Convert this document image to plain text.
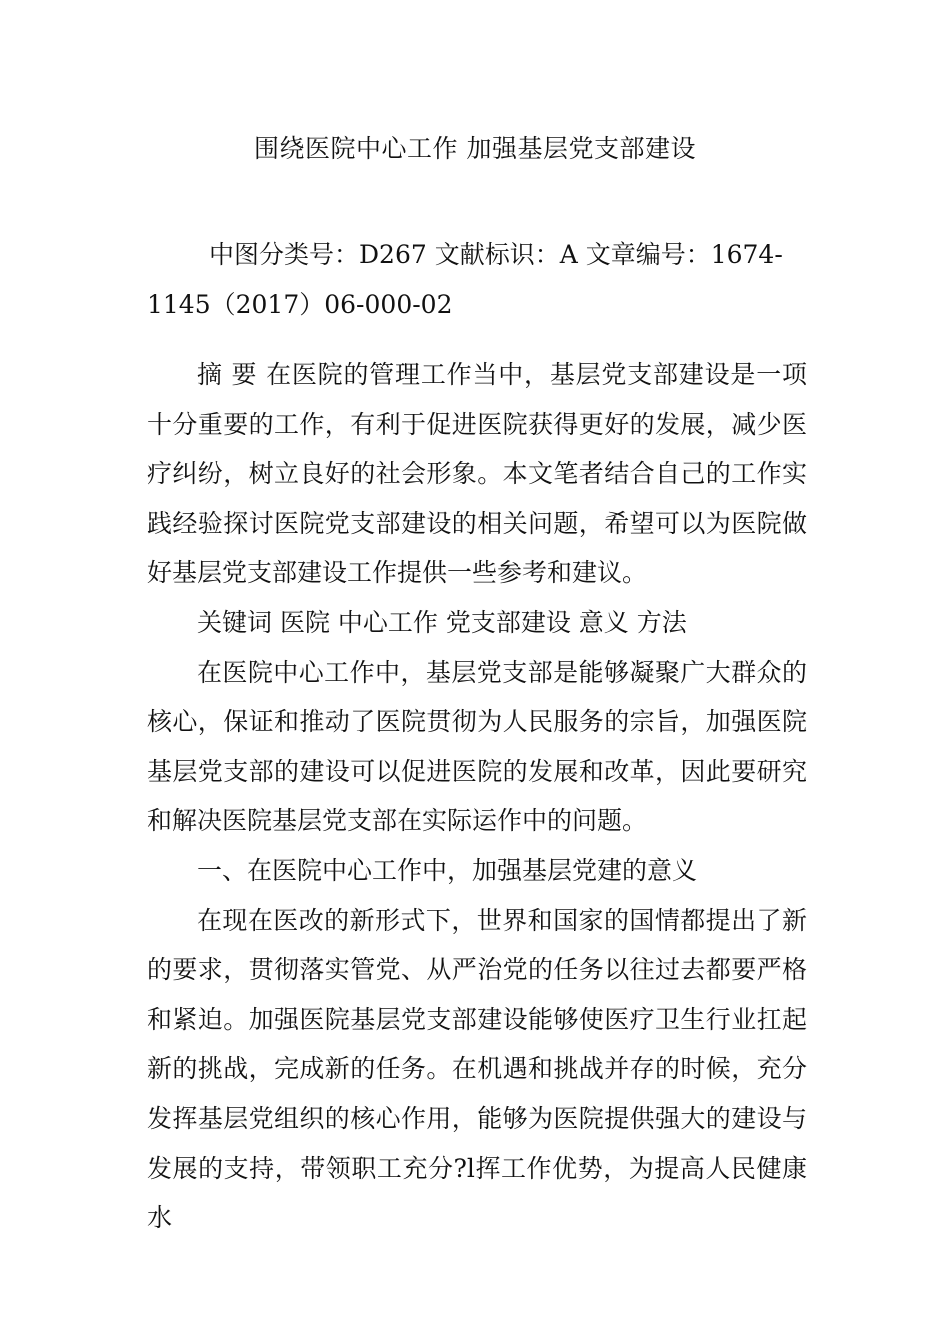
围绕医院中心工作 加强基层党支部建设
中图分类号：D267 文献标识：A 文章编号：1674-
1145（2017）06-000-02

摘 要 在医院的管理工作当中，基层党支部建设是一项十分重要的工作，有利于促进医院获得更好的发展，减少医疗纠纷，树立良好的社会形象。本文笔者结合自己的工作实践经验探讨医院党支部建设的相关问题，希望可以为医院做好基层党支部建设工作提供一些参考和建议。

关键词 医院 中心工作 党支部建设 意义 方法

在医院中心工作中，基层党支部是能够凝聚广大群众的核心，保证和推动了医院贯彻为人民服务的宗旨，加强医院基层党支部的建设可以促进医院的发展和改革，因此要研究和解决医院基层党支部在实际运作中的问题。

一、在医院中心工作中，加强基层党建的意义

在现在医改的新形式下，世界和国家的国情都提出了新的要求，贯彻落实管党、从严治党的任务以往过去都要严格和紧迫。加强医院基层党支部建设能够使医疗卫生行业扛起新的挑战，完成新的任务。在机遇和挑战并存的时候，充分发挥基层党组织的核心作用，能够为医院提供强大的建设与发展的支持，带领职工充分?l挥工作优势，为提高人民健康水
